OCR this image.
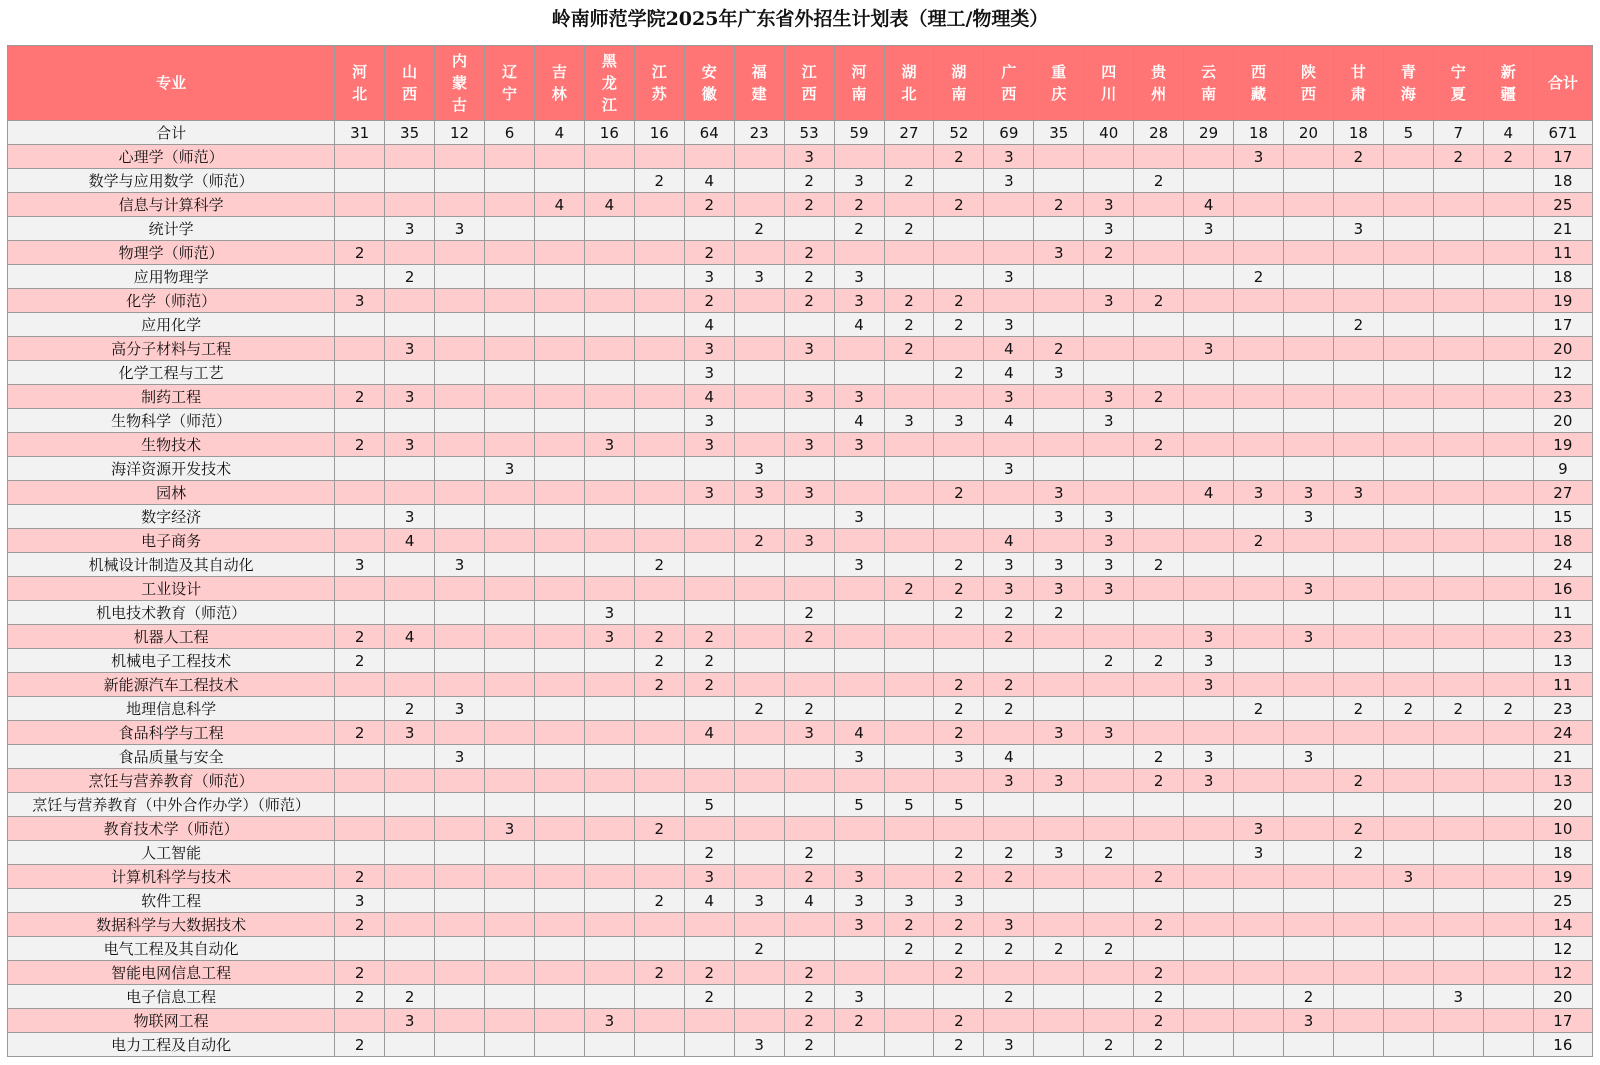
岭南师范学院2025年广东省外招生计划表（理工/物理类）
专业	河北	山西	内蒙古	辽宁	吉林	黑龙江	江苏	安徽	福建	江西	河南	湖北	湖南	广西	重庆	四川	贵州	云南	西藏	陕西	甘肃	青海	宁夏	新疆	合计
合计	31	35	12	6	4	16	16	64	23	53	59	27	52	69	35	40	28	29	18	20	18	5	7	4	671
心理学（师范）										3			2	3					3		2		2	2	17
数学与应用数学（师范）							2	4		2	3	2		3			2								18
信息与计算科学					4	4		2		2	2		2		2	3		4							25
统计学		3	3						2		2	2				3		3			3				21
物理学（师范）	2							2		2					3	2									11
应用物理学		2						3	3	2	3			3					2						18
化学（师范）	3							2		2	3	2	2			3	2								19
应用化学								4			4	2	2	3							2				17
高分子材料与工程		3						3		3		2		4	2			3							20
化学工程与工艺								3					2	4	3										12
制药工程	2	3						4		3	3			3		3	2								23
生物科学（师范）								3			4	3	3	4		3									20
生物技术	2	3				3		3		3	3						2								19
海洋资源开发技术				3					3					3											9
园林								3	3	3			2		3			4	3	3	3				27
数字经济		3									3				3	3				3					15
电子商务		4							2	3				4		3			2						18
机械设计制造及其自动化	3		3				2				3		2	3	3	3	2								24
工业设计												2	2	3	3	3				3					16
机电技术教育（师范）						3				2			2	2	2										11
机器人工程	2	4				3	2	2		2				2				3		3					23
机械电子工程技术	2						2	2								2	2	3							13
新能源汽车工程技术							2	2					2	2				3							11
地理信息科学		2	3						2	2			2	2					2		2	2	2	2	23
食品科学与工程	2	3						4		3	4		2		3	3									24
食品质量与安全			3								3		3	4			2	3		3					21
烹饪与营养教育（师范）														3	3		2	3			2				13
烹饪与营养教育（中外合作办学）（师范）								5			5	5	5												20
教育技术学（师范）				3			2												3		2				10
人工智能								2		2			2	2	3	2			3		2				18
计算机科学与技术	2							3		2	3		2	2			2					3			19
软件工程	3						2	4	3	4	3	3	3												25
数据科学与大数据技术	2										3	2	2	3			2								14
电气工程及其自动化									2			2	2	2	2	2									12
智能电网信息工程	2						2	2		2			2				2								12
电子信息工程	2	2						2		2	3			2			2			2			3		20
物联网工程		3				3				2	2		2				2			3					17
电力工程及自动化	2								3	2			2	3		2	2								16
